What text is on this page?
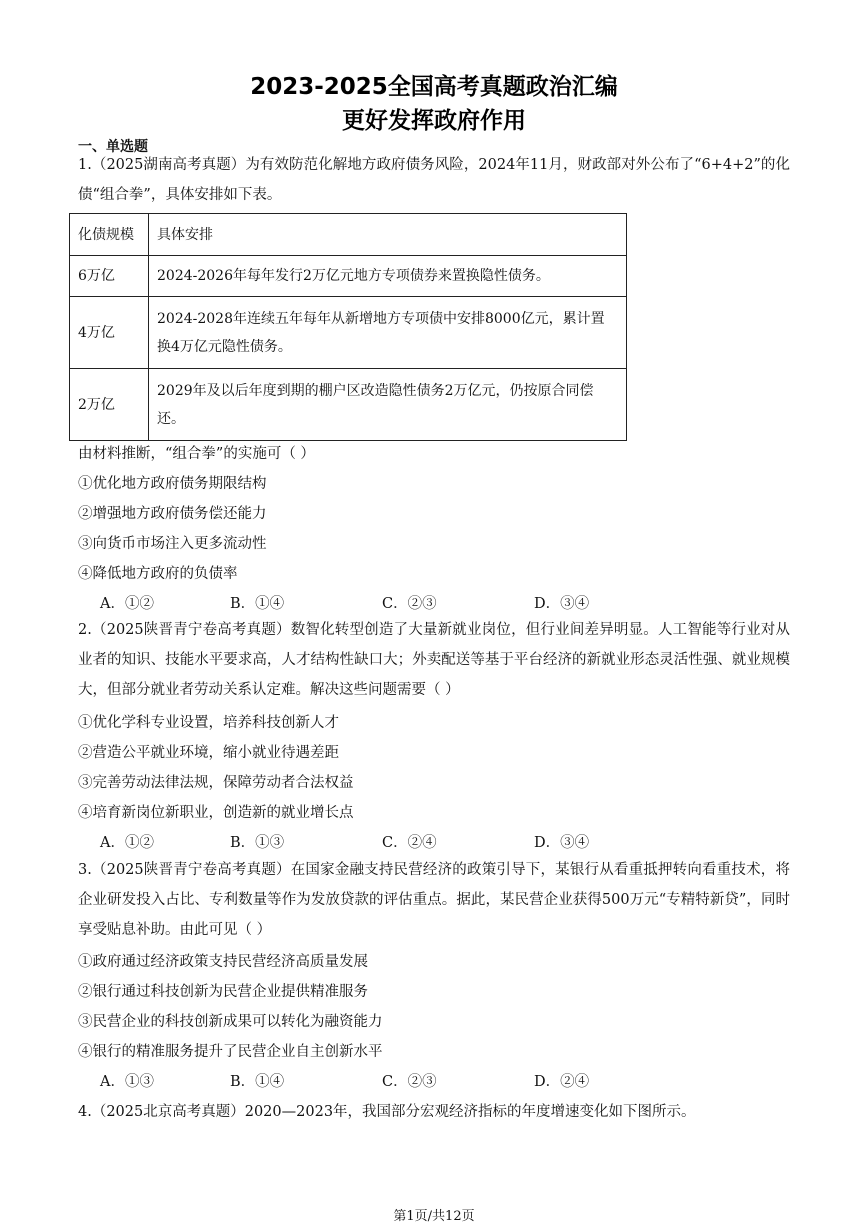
2023-2025全国高考真题政治汇编
更好发挥政府作用
一、单选题
1.（2025湖南高考真题）为有效防范化解地方政府债务风险，2024年11月，财政部对外公布了“6+4+2”的化债“组合拳”，具体安排如下表。
化债规模	具体安排
6万亿	2024-2026年每年发行2万亿元地方专项债券来置换隐性债务。
4万亿	2024-2028年连续五年每年从新增地方专项债中安排8000亿元，累计置换4万亿元隐性债务。
2万亿	2029年及以后年度到期的棚户区改造隐性债务2万亿元，仍按原合同偿还。
由材料推断，“组合拳”的实施可（ ）
①优化地方政府债务期限结构
②增强地方政府债务偿还能力
③向货币市场注入更多流动性
④降低地方政府的负债率
A．①②	B．①④	C．②③	D．③④
2.（2025陕晋青宁卷高考真题）数智化转型创造了大量新就业岗位，但行业间差异明显。人工智能等行业对从业者的知识、技能水平要求高，人才结构性缺口大；外卖配送等基于平台经济的新就业形态灵活性强、就业规模大，但部分就业者劳动关系认定难。解决这些问题需要（ ）
①优化学科专业设置，培养科技创新人才
②营造公平就业环境，缩小就业待遇差距
③完善劳动法律法规，保障劳动者合法权益
④培育新岗位新职业，创造新的就业增长点
A．①②	B．①③	C．②④	D．③④
3.（2025陕晋青宁卷高考真题）在国家金融支持民营经济的政策引导下，某银行从看重抵押转向看重技术，将企业研发投入占比、专利数量等作为发放贷款的评估重点。据此，某民营企业获得500万元“专精特新贷”，同时享受贴息补助。由此可见（ ）
①政府通过经济政策支持民营经济高质量发展
②银行通过科技创新为民营企业提供精准服务
③民营企业的科技创新成果可以转化为融资能力
④银行的精准服务提升了民营企业自主创新水平
A．①③	B．①④	C．②③	D．②④
4.（2025北京高考真题）2020—2023年，我国部分宏观经济指标的年度增速变化如下图所示。
第1页/共12页
